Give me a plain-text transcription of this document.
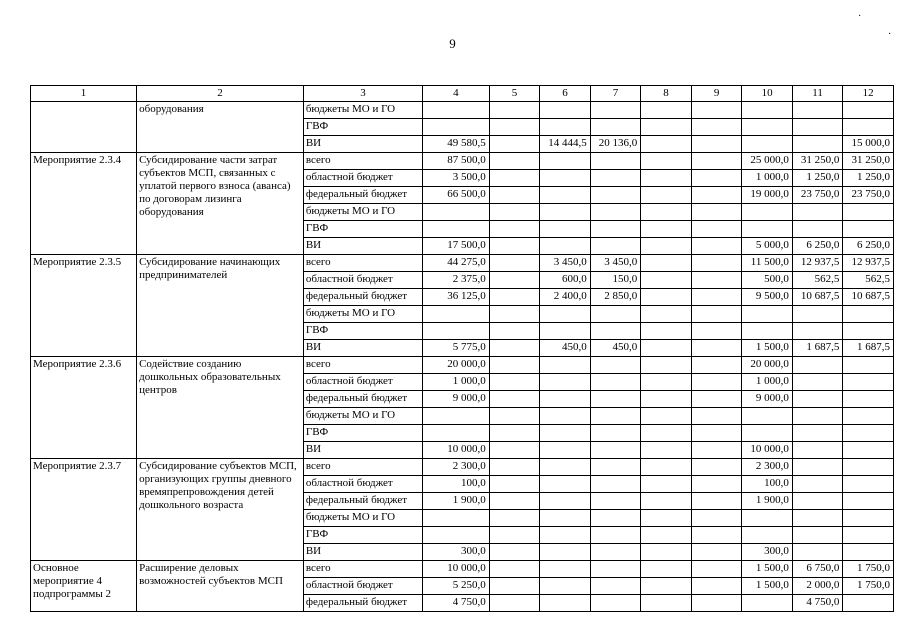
9
·
·
1	2	3	4	5	6	7	8	9	10	11	12
	оборудования	бюджеты МО и ГО									
		ГВФ									
		ВИ	49 580,5		14 444,5	20 136,0					15 000,0
Мероприятие 2.3.4	Субсидирование части затрат субъектов МСП, связанных с уплатой первого взноса (аванса) по договорам лизинга оборудования	всего	87 500,0						25 000,0	31 250,0	31 250,0
		областной бюджет	3 500,0						1 000,0	1 250,0	1 250,0
		федеральный бюджет	66 500,0						19 000,0	23 750,0	23 750,0
		бюджеты МО и ГО									
		ГВФ									
		ВИ	17 500,0						5 000,0	6 250,0	6 250,0
Мероприятие 2.3.5	Субсидирование начинающих предпринимателей	всего	44 275,0		3 450,0	3 450,0			11 500,0	12 937,5	12 937,5
		областной бюджет	2 375,0		600,0	150,0			500,0	562,5	562,5
		федеральный бюджет	36 125,0		2 400,0	2 850,0			9 500,0	10 687,5	10 687,5
		бюджеты МО и ГО									
		ГВФ									
		ВИ	5 775,0		450,0	450,0			1 500,0	1 687,5	1 687,5
Мероприятие 2.3.6	Содействие созданию дошкольных образовательных центров	всего	20 000,0						20 000,0		
		областной бюджет	1 000,0						1 000,0		
		федеральный бюджет	9 000,0						9 000,0		
		бюджеты МО и ГО									
		ГВФ									
		ВИ	10 000,0						10 000,0		
Мероприятие 2.3.7	Субсидирование субъектов МСП, организующих группы дневного времяпрепровождения детей дошкольного возраста	всего	2 300,0						2 300,0		
		областной бюджет	100,0						100,0		
		федеральный бюджет	1 900,0						1 900,0		
		бюджеты МО и ГО									
		ГВФ									
		ВИ	300,0						300,0		
Основное мероприятие 4 подпрограммы 2	Расширение деловых возможностей субъектов МСП	всего	10 000,0						1 500,0	6 750,0	1 750,0
		областной бюджет	5 250,0						1 500,0	2 000,0	1 750,0
		федеральный бюджет	4 750,0							4 750,0	
